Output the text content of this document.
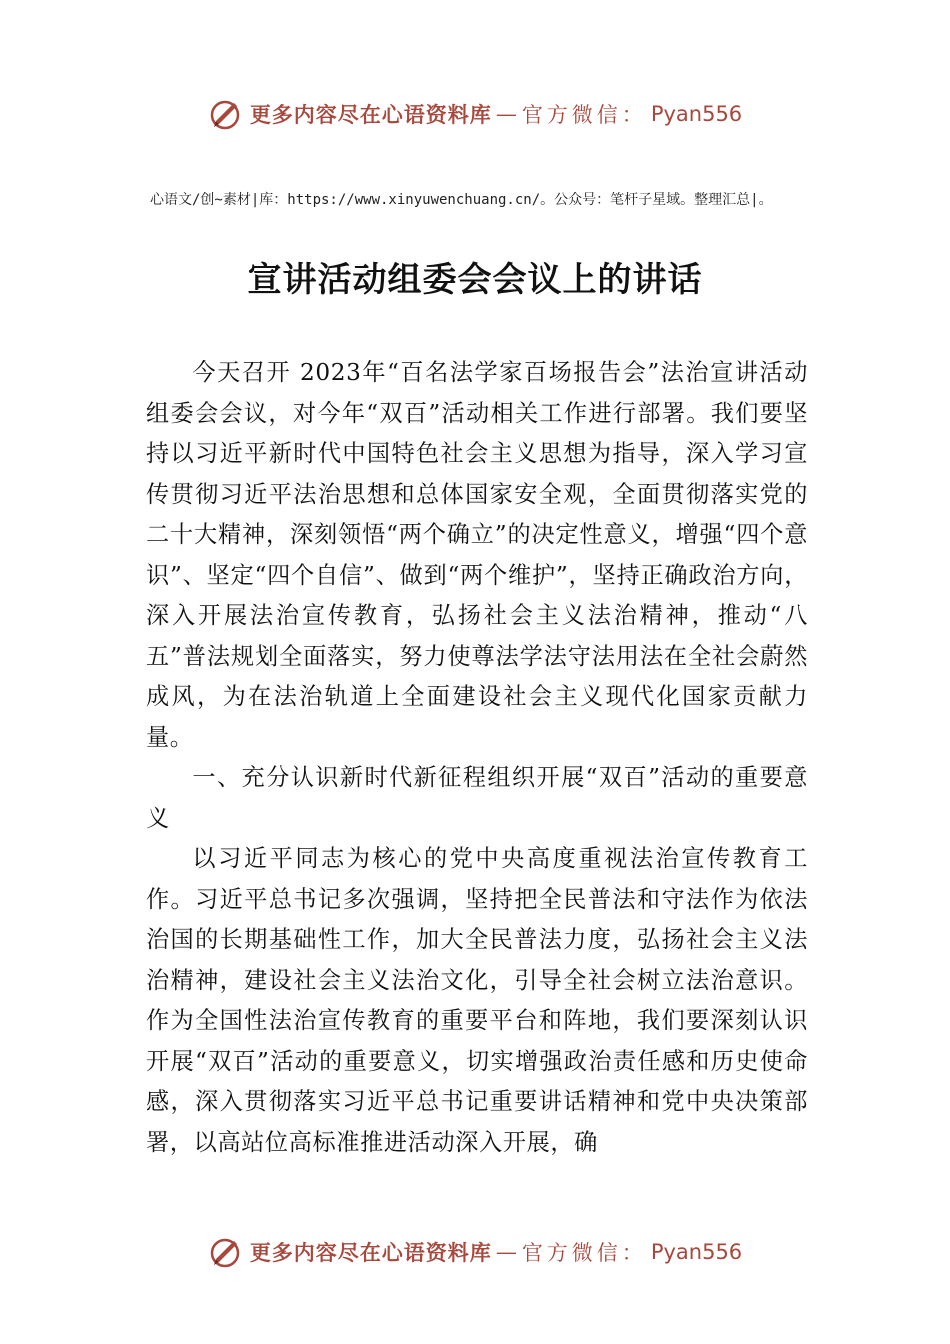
更多内容尽在心语资料库 — 官方微信： Pyan556
心语文/创~素材|库：https://www.xinyuwenchuang.cn/。公众号：笔杆子星域。整理汇总|。
宣讲活动组委会会议上的讲话

今天召开 2023年“百名法学家百场报告会”法治宣讲活动组委会会议，对今年“双百”活动相关工作进行部署。我们要坚持以习近平新时代中国特色社会主义思想为指导，深入学习宣传贯彻习近平法治思想和总体国家安全观，全面贯彻落实党的二十大精神，深刻领悟“两个确立”的决定性意义，增强“四个意识”、坚定“四个自信”、做到“两个维护”，坚持正确政治方向，深入开展法治宣传教育，弘扬社会主义法治精神，推动“八五”普法规划全面落实，努力使尊法学法守法用法在全社会蔚然成风，为在法治轨道上全面建设社会主义现代化国家贡献力量。

一、充分认识新时代新征程组织开展“双百”活动的重要意义

以习近平同志为核心的党中央高度重视法治宣传教育工作。习近平总书记多次强调，坚持把全民普法和守法作为依法治国的长期基础性工作，加大全民普法力度，弘扬社会主义法治精神，建设社会主义法治文化，引导全社会树立法治意识。作为全国性法治宣传教育的重要平台和阵地，我们要深刻认识开展“双百”活动的重要意义，切实增强政治责任感和历史使命感，深入贯彻落实习近平总书记重要讲话精神和党中央决策部署，以高站位高标准推进活动深入开展，确

更多内容尽在心语资料库 — 官方微信： Pyan556
